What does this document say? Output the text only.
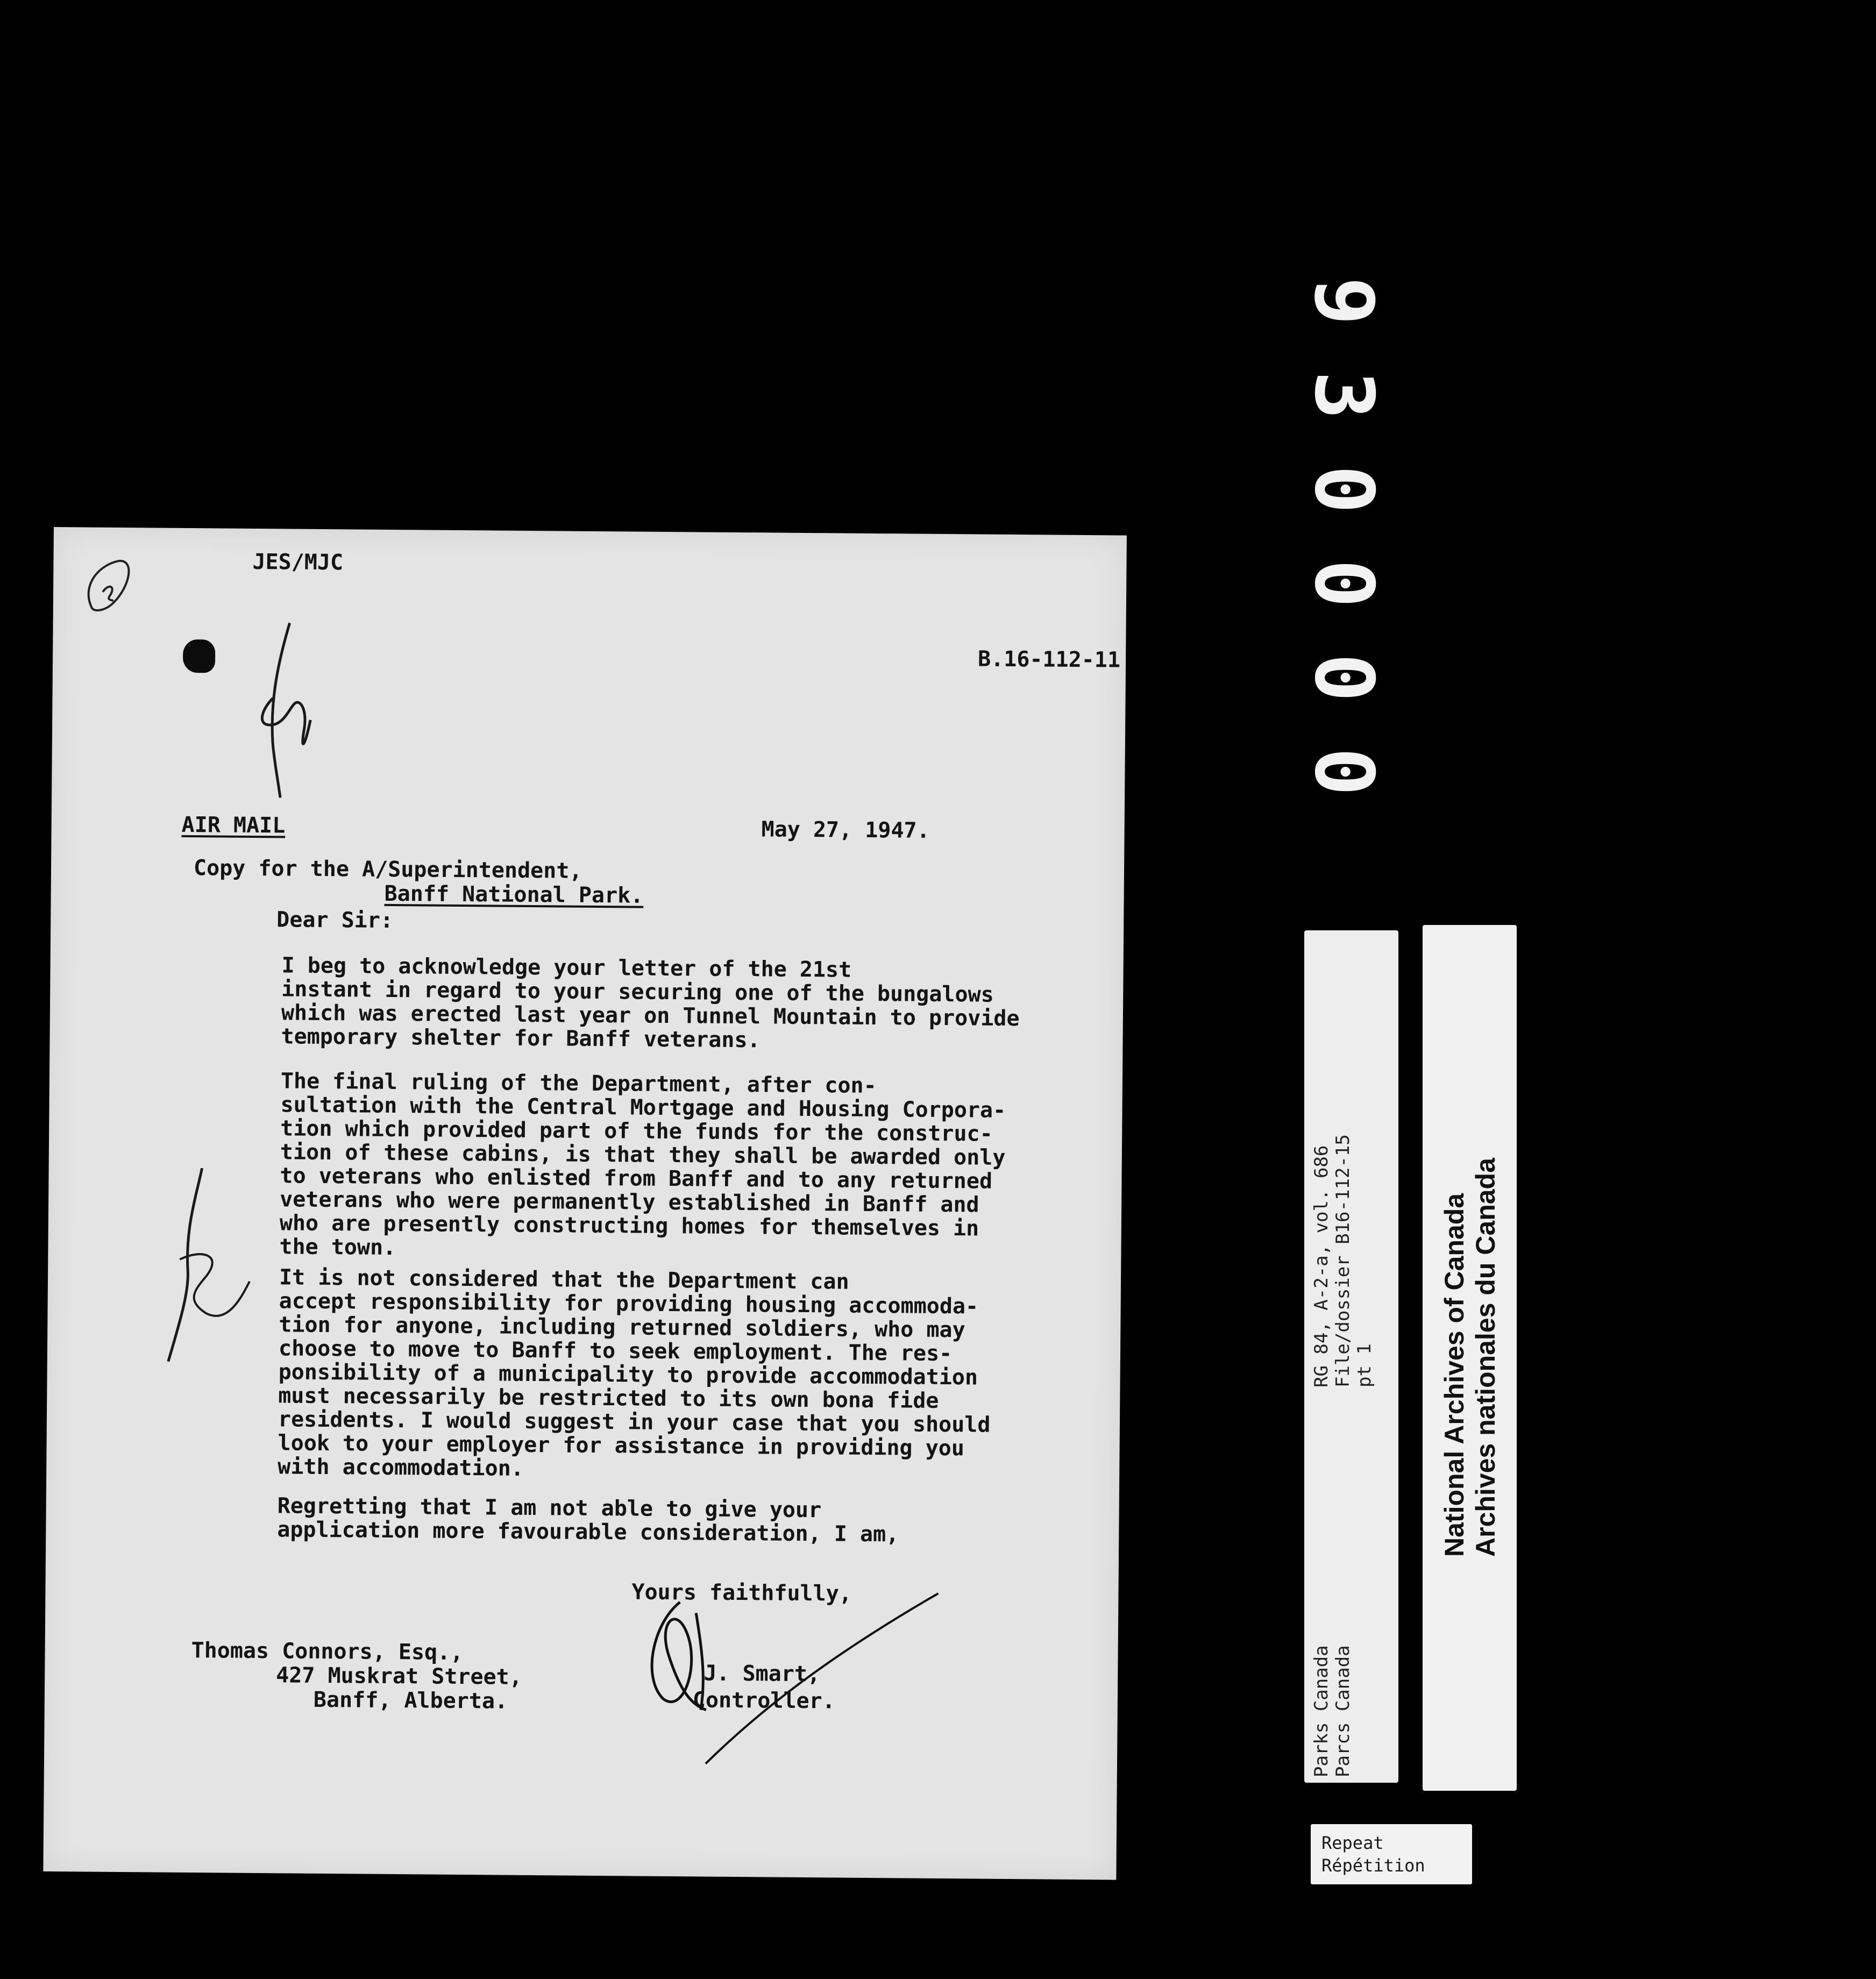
JES/MJC
B.16-112-11
AIR MAIL	May 27, 1947.
Copy for the A/Superintendent,
Banff National Park.
Dear Sir:
I beg to acknowledge your letter of the 21st
instant in regard to your securing one of the bungalows
which was erected last year on Tunnel Mountain to provide
temporary shelter for Banff veterans.
The final ruling of the Department, after con-
sultation with the Central Mortgage and Housing Corpora-
tion which provided part of the funds for the construc-
tion of these cabins, is that they shall be awarded only
to veterans who enlisted from Banff and to any returned
veterans who were permanently established in Banff and
who are presently constructing homes for themselves in
the town.
It is not considered that the Department can
accept responsibility for providing housing accommoda-
tion for anyone, including returned soldiers, who may
choose to move to Banff to seek employment. The res-
ponsibility of a municipality to provide accommodation
must necessarily be restricted to its own bona fide
residents. I would suggest in your case that you should
look to your employer for assistance in providing you
with accommodation.
Regretting that I am not able to give your
application more favourable consideration, I am,
Yours faithfully,
Thomas Connors, Esq.,
427 Muskrat Street,
Banff, Alberta.
J. Smart,
Controller.
9
3
0
0
0
0
RG 84, A-2-a, vol. 686 File/dossier B16-112-15 pt 1
Parks Canada Parcs Canada
National Archives of Canada Archives nationales du Canada
Repeat
Répétition
